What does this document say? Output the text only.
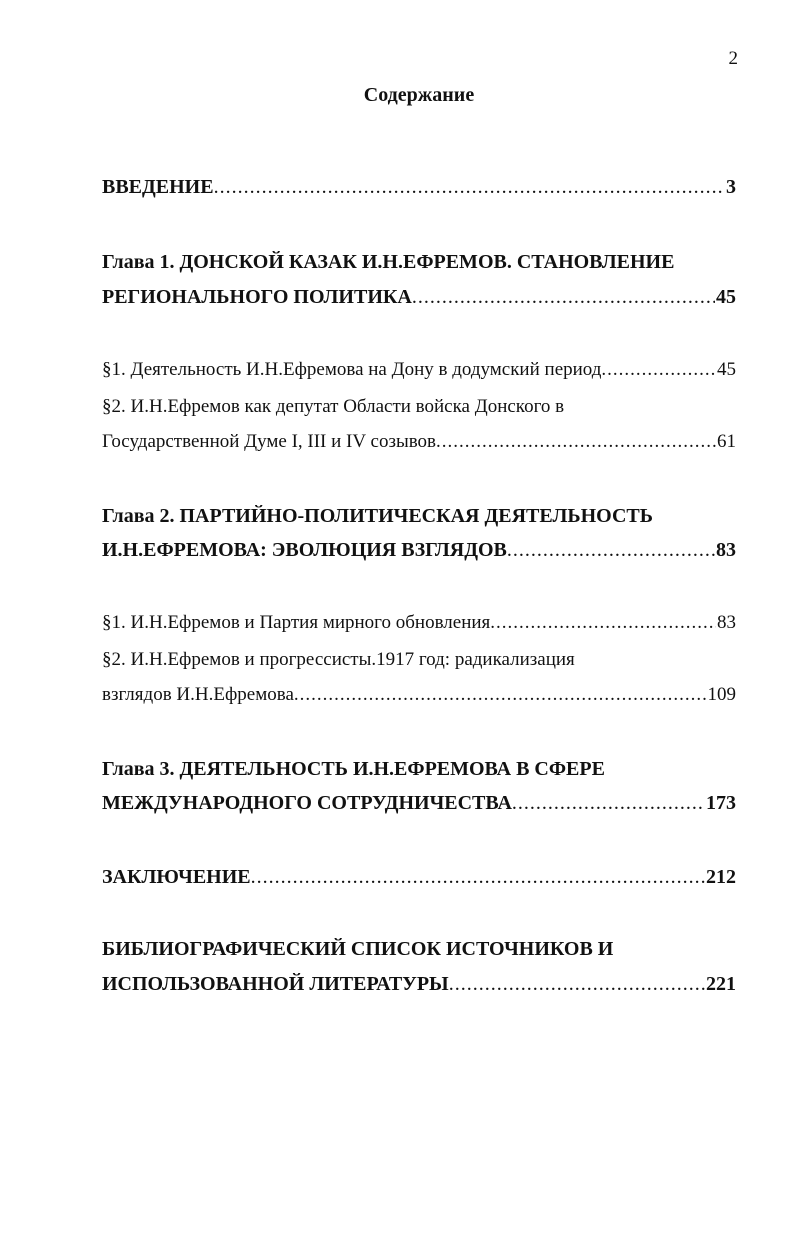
2
Содержание
ВВЕДЕНИЕ .....	3
Глава 1. ДОНСКОЙ КАЗАК И.Н.ЕФРЕМОВ. СТАНОВЛЕНИЕ
РЕГИОНАЛЬНОГО ПОЛИТИКА .....	45
§1. Деятельность И.Н.Ефремова на Дону в додумский период .....	45
§2. И.Н.Ефремов как депутат Области войска Донского в
Государственной Думе I, III и IV созывов .....	61
Глава 2. ПАРТИЙНО-ПОЛИТИЧЕСКАЯ ДЕЯТЕЛЬНОСТЬ
И.Н.ЕФРЕМОВА: ЭВОЛЮЦИЯ ВЗГЛЯДОВ .....	83
§1. И.Н.Ефремов и Партия мирного обновления .....	83
§2. И.Н.Ефремов и прогрессисты.1917 год: радикализация
взглядов И.Н.Ефремова .....	109
Глава 3. ДЕЯТЕЛЬНОСТЬ И.Н.ЕФРЕМОВА В СФЕРЕ
МЕЖДУНАРОДНОГО СОТРУДНИЧЕСТВА .....	173
ЗАКЛЮЧЕНИЕ .....	212
БИБЛИОГРАФИЧЕСКИЙ СПИСОК ИСТОЧНИКОВ И
ИСПОЛЬЗОВАННОЙ ЛИТЕРАТУРЫ .....	221
